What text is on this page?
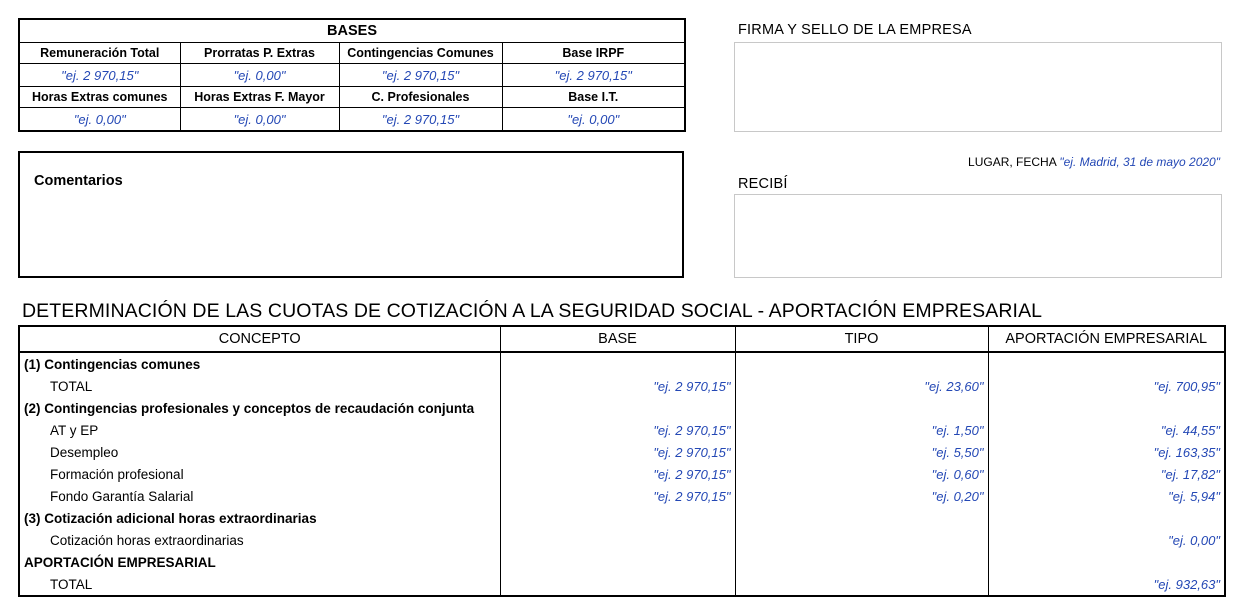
BASES			
Remuneración Total	Prorratas P. Extras	Contingencias Comunes	Base IRPF
"ej. 2 970,15"	"ej. 0,00"	"ej. 2 970,15"	"ej. 2 970,15"
Horas Extras comunes	Horas Extras F. Mayor	C. Profesionales	Base I.T.
"ej. 0,00"	"ej. 0,00"	"ej. 2 970,15"	"ej. 0,00"
Comentarios
FIRMA Y SELLO DE LA EMPRESA
LUGAR, FECHA "ej. Madrid, 31 de mayo 2020"
RECIBÍ
DETERMINACIÓN DE LAS CUOTAS DE COTIZACIÓN A LA SEGURIDAD SOCIAL - APORTACIÓN EMPRESARIAL
CONCEPTO	BASE	TIPO	APORTACIÓN EMPRESARIAL
(1) Contingencias comunes			
TOTAL	"ej. 2 970,15"	"ej. 23,60"	"ej. 700,95"
(2) Contingencias profesionales y conceptos de recaudación conjunta			
AT y EP	"ej. 2 970,15"	"ej. 1,50"	"ej. 44,55"
Desempleo	"ej. 2 970,15"	"ej. 5,50"	"ej. 163,35"
Formación profesional	"ej. 2 970,15"	"ej. 0,60"	"ej. 17,82"
Fondo Garantía Salarial	"ej. 2 970,15"	"ej. 0,20"	"ej. 5,94"
(3) Cotización adicional horas extraordinarias			
Cotización horas extraordinarias			"ej. 0,00"
APORTACIÓN EMPRESARIAL			
TOTAL			"ej. 932,63"
